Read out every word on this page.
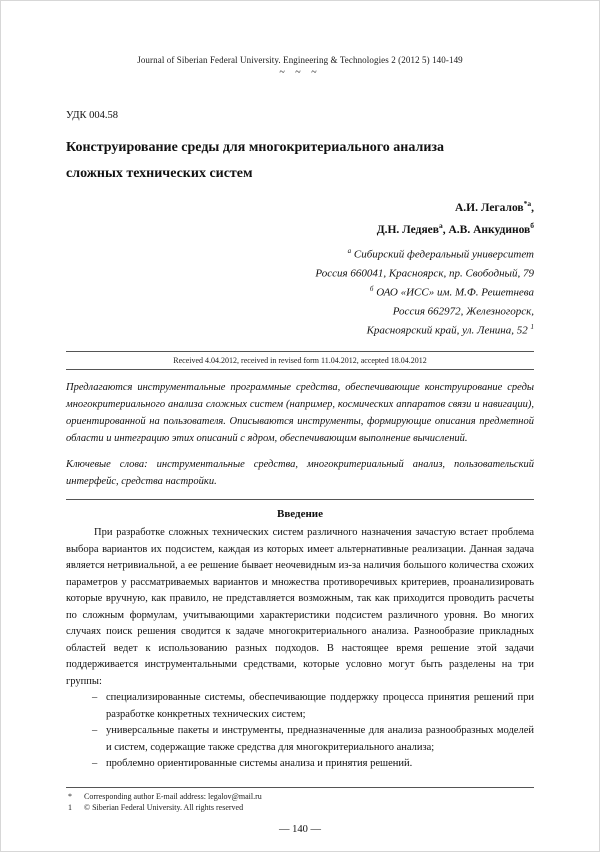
Journal of Siberian Federal University. Engineering & Technologies 2 (2012 5) 140-149
~ ~ ~
УДК 004.58
Конструирование среды для многокритериального анализа сложных технических систем
А.И. Легалов$^{*а}$,
Д.Н. Ледяев$^а$, А.В. Анкудинов$^б$
$^а$ Сибирский федеральный университет
Россия 660041, Красноярск, пр. Свободный, 79
$^б$ ОАО «ИСС» им. М.Ф. Решетнева
Россия 662972, Железногорск,
Красноярский край, ул. Ленина, 52 $^1$
Received 4.04.2012, received in revised form 11.04.2012, accepted 18.04.2012
Предлагаются инструментальные программные средства, обеспечивающие конструирование среды многокритериального анализа сложных систем (например, космических аппаратов связи и навигации), ориентированной на пользователя. Описываются инструменты, формирующие описания предметной области и интеграцию этих описаний с ядром, обеспечивающим выполнение вычислений.
Ключевые слова: инструментальные средства, многокритериальный анализ, пользовательский интерфейс, средства настройки.
Введение

При разработке сложных технических систем различного назначения зачастую встает проблема выбора вариантов их подсистем, каждая из которых имеет альтернативные реализации. Данная задача является нетривиальной, а ее решение бывает неочевидным из-за наличия большого количества схожих параметров у рассматриваемых вариантов и множества противоречивых критериев, проанализировать которые вручную, как правило, не представляется возможным, так как приходится проводить расчеты по сложным формулам, учитывающими характеристики подсистем различного уровня. Во многих случаях поиск решения сводится к задаче многокритериального анализа. Разнообразие прикладных областей ведет к использованию разных подходов. В настоящее время решение этой задачи поддерживается инструментальными средствами, которые условно могут быть разделены на три группы:

– специализированные системы, обеспечивающие поддержку процесса принятия решений при разработке конкретных технических систем;
– универсальные пакеты и инструменты, предназначенные для анализа разнообразных моделей и систем, содержащие также средства для многокритериального анализа;
– проблемно ориентированные системы анализа и принятия решений.
*	Corresponding author E-mail address: legalov@mail.ru
1	© Siberian Federal University. All rights reserved
— 140 —
